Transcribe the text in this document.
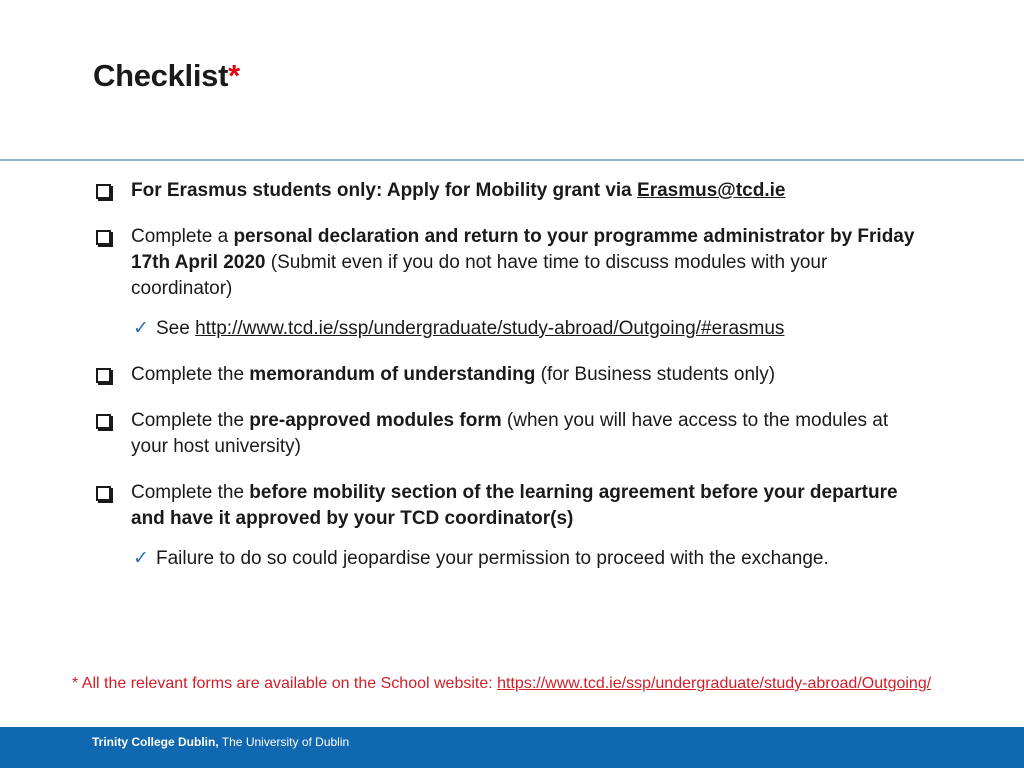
Checklist*
For Erasmus students only: Apply for Mobility grant via Erasmus@tcd.ie
Complete a personal declaration and return to your programme administrator by Friday 17th April 2020 (Submit even if you do not have time to discuss modules with your coordinator)
✓ See http://www.tcd.ie/ssp/undergraduate/study-abroad/Outgoing/#erasmus
Complete the memorandum of understanding (for Business students only)
Complete the pre-approved modules form (when you will have access to the modules at your host university)
Complete the before mobility section of the learning agreement before your departure and have it approved by your TCD coordinator(s)
✓ Failure to do so could jeopardise your permission to proceed with the exchange.
* All the relevant forms are available on the School website: https://www.tcd.ie/ssp/undergraduate/study-abroad/Outgoing/
Trinity College Dublin, The University of Dublin
